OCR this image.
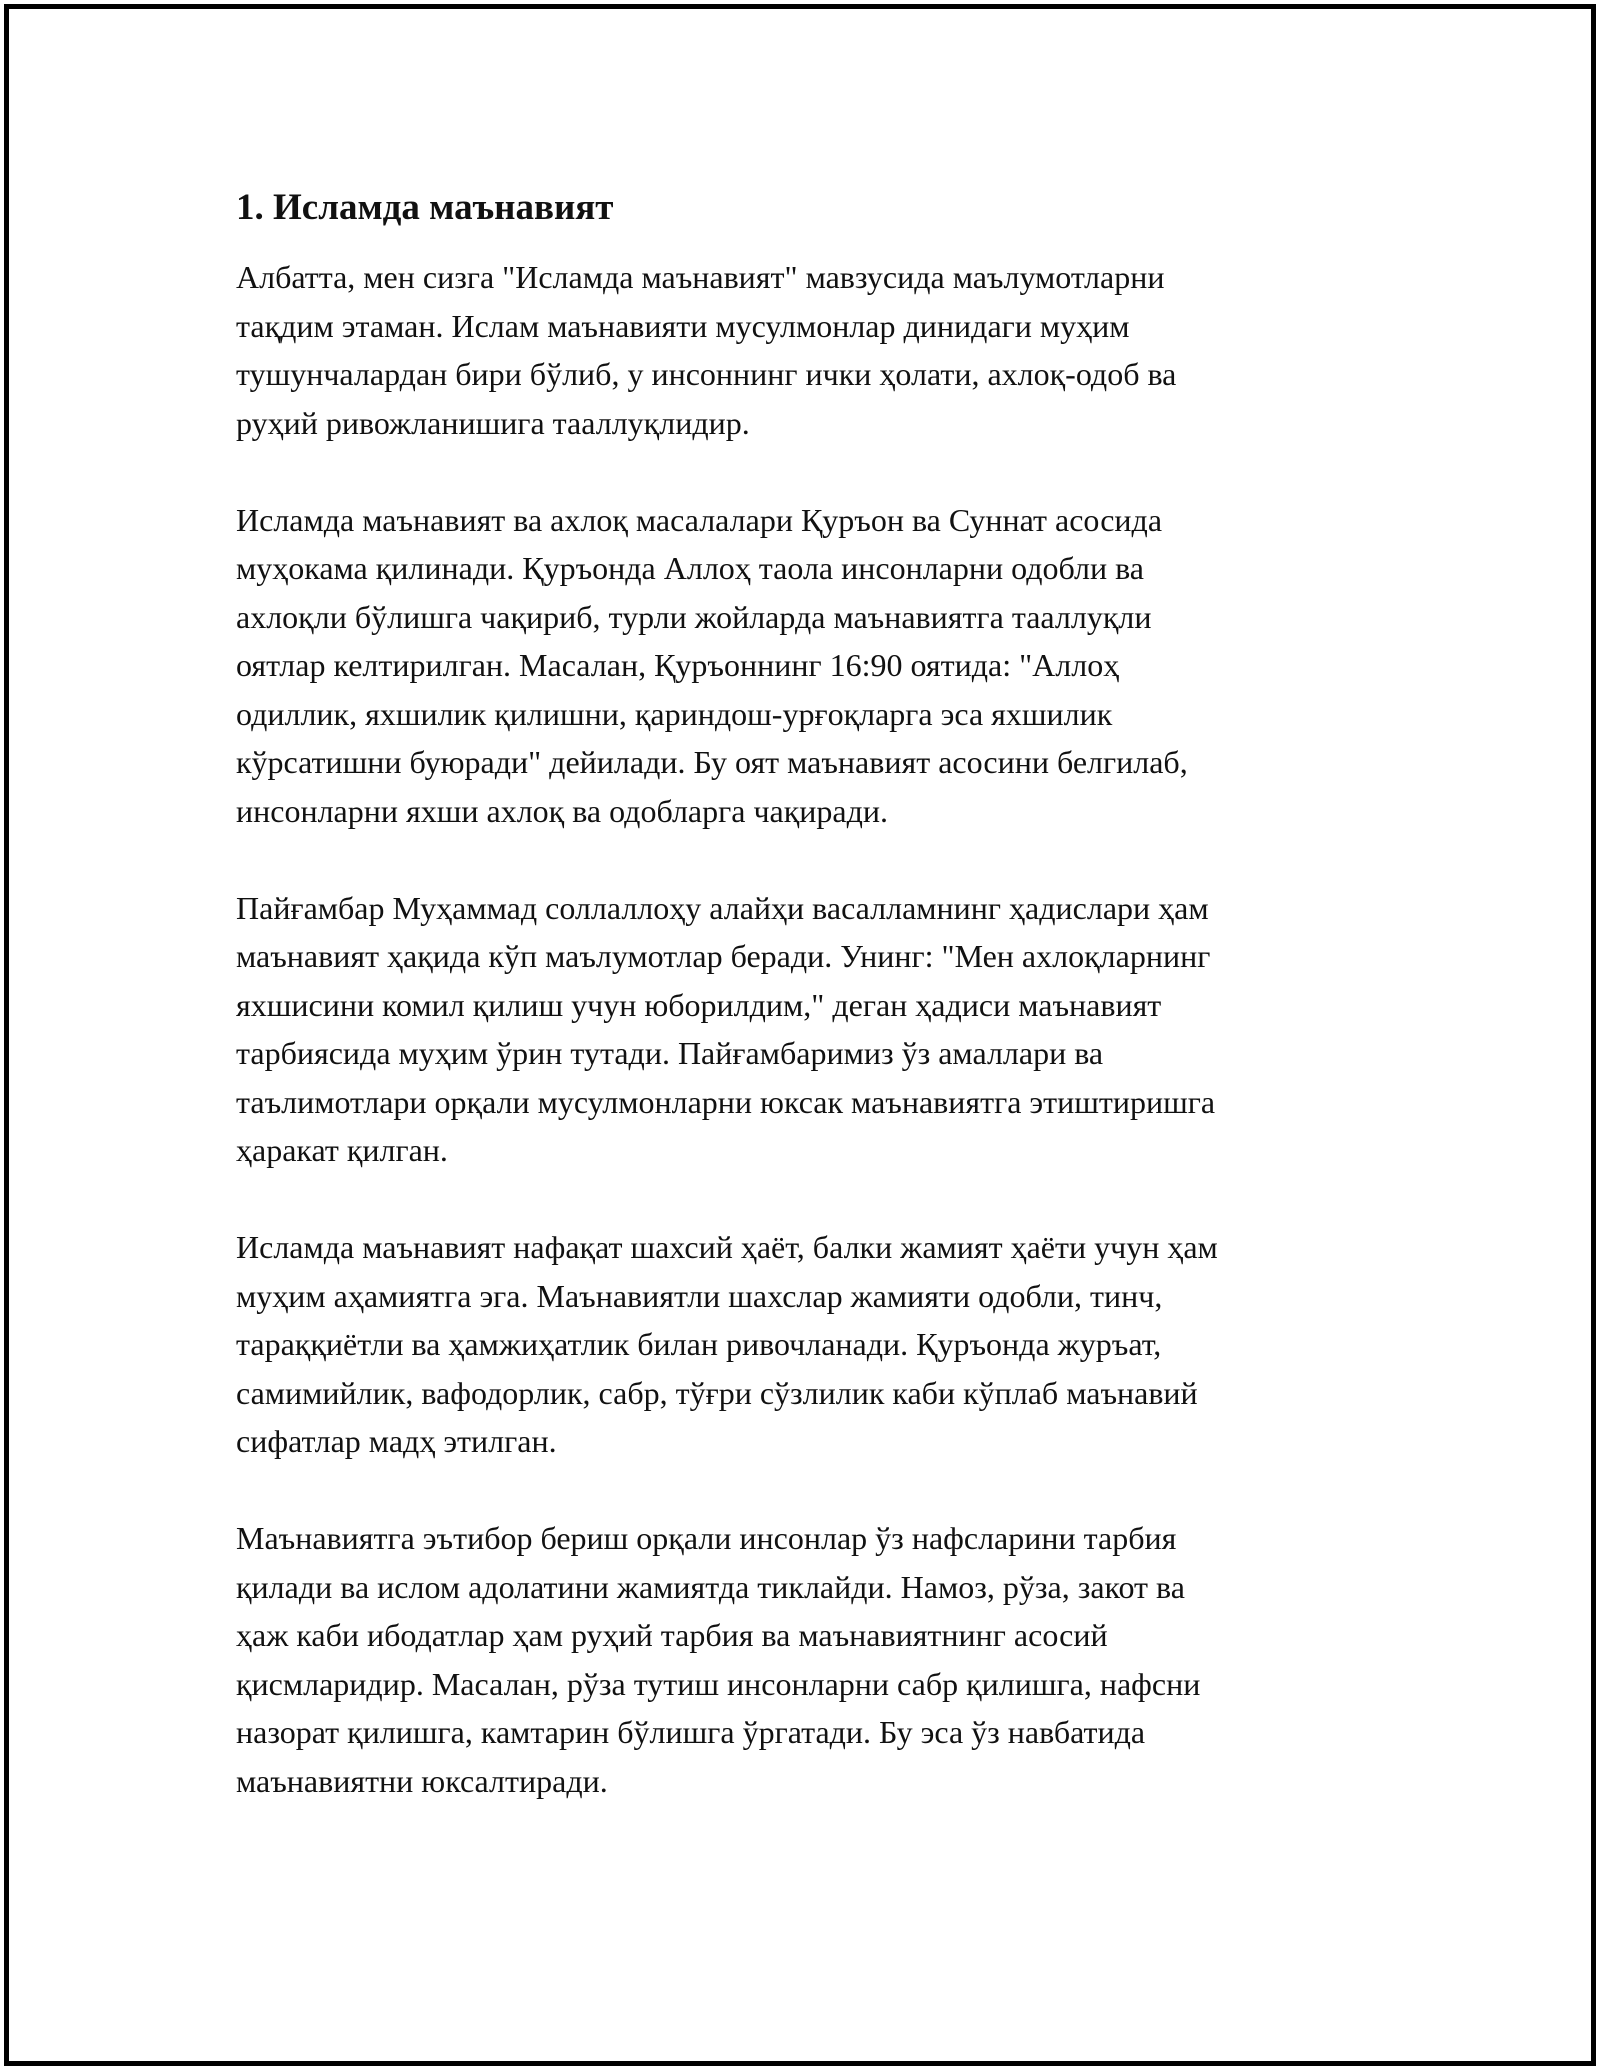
1. Исламда маънавият

Албатта, мен сизга "Исламда маънавият" мавзусида маълумотларни
тақдим этаман. Ислам маънавияти мусулмонлар динидаги муҳим
тушунчалардан бири бўлиб, у инсоннинг ички ҳолати, ахлоқ-одоб ва
руҳий ривожланишига тааллуқлидир.

Исламда маънавият ва ахлоқ масалалари Қуръон ва Суннат асосида
муҳокама қилинади. Қуръонда Аллоҳ таола инсонларни одобли ва
ахлоқли бўлишга чақириб, турли жойларда маънавиятга тааллуқли
оятлар келтирилган. Масалан, Қуръоннинг 16:90 оятида: "Аллоҳ
одиллик, яхшилик қилишни, қариндош-урғоқларга эса яхшилик
кўрсатишни буюради" дейилади. Бу оят маънавият асосини белгилаб,
инсонларни яхши ахлоқ ва одобларга чақиради.

Пайғамбар Муҳаммад соллаллоҳу алайҳи васалламнинг ҳадислари ҳам
маънавият ҳақида кўп маълумотлар беради. Унинг: "Мен ахлоқларнинг
яхшисини комил қилиш учун юборилдим," деган ҳадиси маънавият
тарбиясида муҳим ўрин тутади. Пайғамбаримиз ўз амаллари ва
таълимотлари орқали мусулмонларни юксак маънавиятга этиштиришга
ҳаракат қилган.

Исламда маънавият нафақат шахсий ҳаёт, балки жамият ҳаёти учун ҳам
муҳим аҳамиятга эга. Маънавиятли шахслар жамияти одобли, тинч,
тараққиётли ва ҳамжиҳатлик билан ривочланади. Қуръонда журъат,
самимийлик, вафодорлик, сабр, тўғри сўзлилик каби кўплаб маънавий
сифатлар мадҳ этилган.

Маънавиятга эътибор бериш орқали инсонлар ўз нафсларини тарбия
қилади ва ислом адолатини жамиятда тиклайди. Намоз, рўза, закот ва
ҳаж каби ибодатлар ҳам руҳий тарбия ва маънавиятнинг асосий
қисмларидир. Масалан, рўза тутиш инсонларни сабр қилишга, нафсни
назорат қилишга, камтарин бўлишга ўргатади. Бу эса ўз навбатида
маънавиятни юксалтиради.
